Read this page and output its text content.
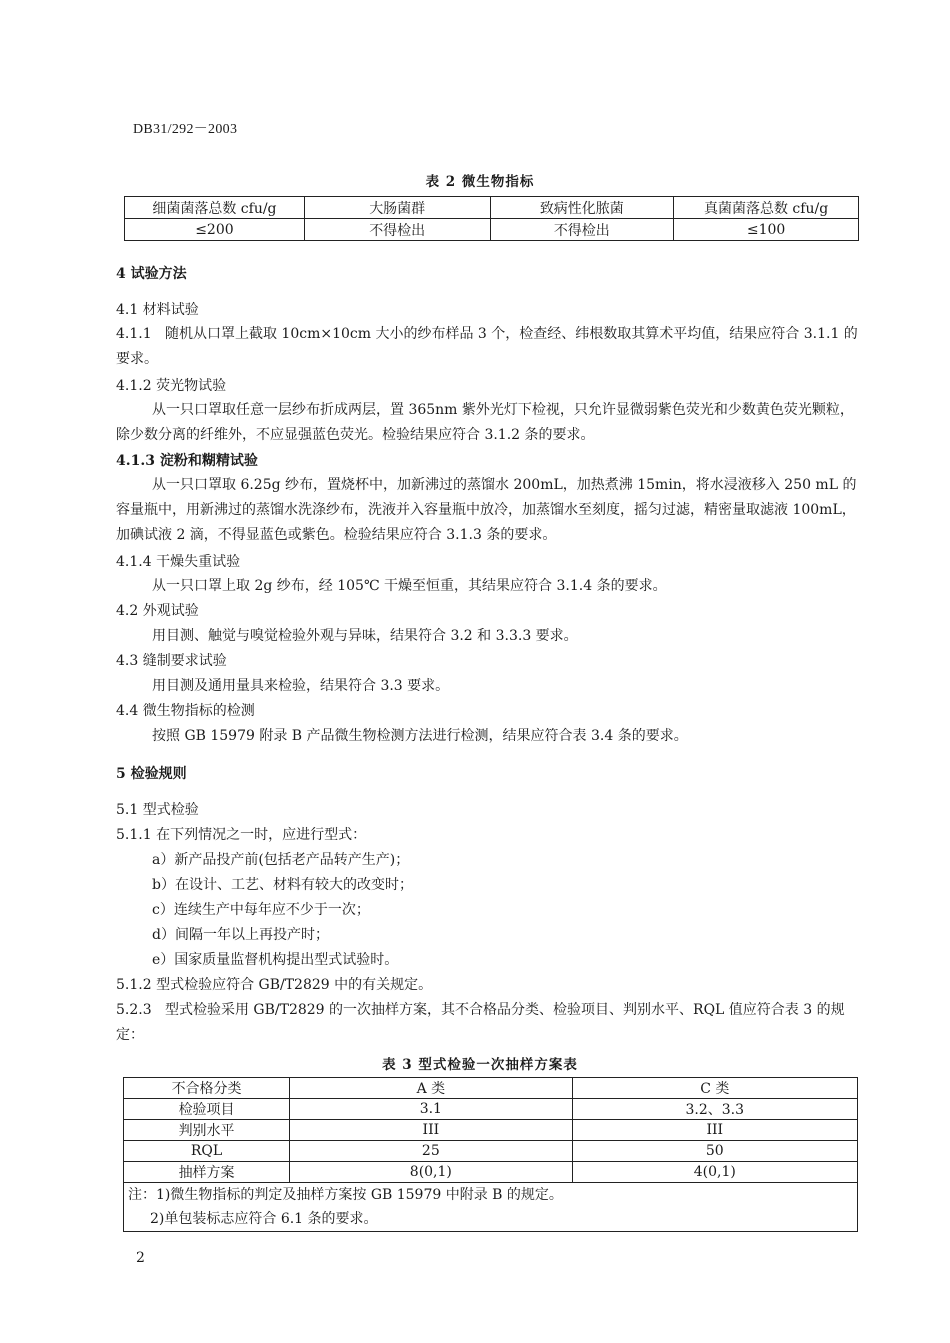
DB31/292－2003
表 2 微生物指标
细菌菌落总数 cfu/g	大肠菌群	致病性化脓菌	真菌菌落总数 cfu/g
≤200	不得检出	不得检出	≤100
4 试验方法
4.1 材料试验
4.1.1 随机从口罩上截取 10cm×10cm 大小的纱布样品 3 个，检查经、纬根数取其算术平均值，结果应符合 3.1.1 的要求。
4.1.2 荧光物试验
从一只口罩取任意一层纱布折成两层，置 365nm 紫外光灯下检视，只允许显微弱紫色荧光和少数黄色荧光颗粒，除少数分离的纤维外，不应显强蓝色荧光。检验结果应符合 3.1.2 条的要求。
4.1.3 淀粉和糊精试验
从一只口罩取 6.25g 纱布，置烧杯中，加新沸过的蒸馏水 200mL，加热煮沸 15min，将水浸液移入 250 mL 的容量瓶中，用新沸过的蒸馏水洗涤纱布，洗液并入容量瓶中放冷，加蒸馏水至刻度，摇匀过滤，精密量取滤液 100mL，加碘试液 2 滴，不得显蓝色或紫色。检验结果应符合 3.1.3 条的要求。
4.1.4 干燥失重试验
从一只口罩上取 2g 纱布，经 105℃ 干燥至恒重，其结果应符合 3.1.4 条的要求。
4.2 外观试验
用目测、触觉与嗅觉检验外观与异味，结果符合 3.2 和 3.3.3 要求。
4.3 缝制要求试验
用目测及通用量具来检验，结果符合 3.3 要求。
4.4 微生物指标的检测
按照 GB 15979 附录 B 产品微生物检测方法进行检测，结果应符合表 3.4 条的要求。
5 检验规则
5.1 型式检验
5.1.1 在下列情况之一时，应进行型式：
a）新产品投产前(包括老产品转产生产)；
b）在设计、工艺、材料有较大的改变时；
c）连续生产中每年应不少于一次；
d）间隔一年以上再投产时；
e）国家质量监督机构提出型式试验时。
5.1.2 型式检验应符合 GB/T2829 中的有关规定。
5.2.3 型式检验采用 GB/T2829 的一次抽样方案，其不合格品分类、检验项目、判别水平、RQL 值应符合表 3 的规定：
表 3 型式检验一次抽样方案表
不合格分类	A 类	C 类
检验项目	3.1	3.2、3.3
判别水平	III	III
RQL	25	50
抽样方案	8(0,1)	4(0,1)

注：1)微生物指标的判定及抽样方案按 GB 15979 中附录 B 的规定。
2)单包装标志应符合 6.1 条的要求。		
2
